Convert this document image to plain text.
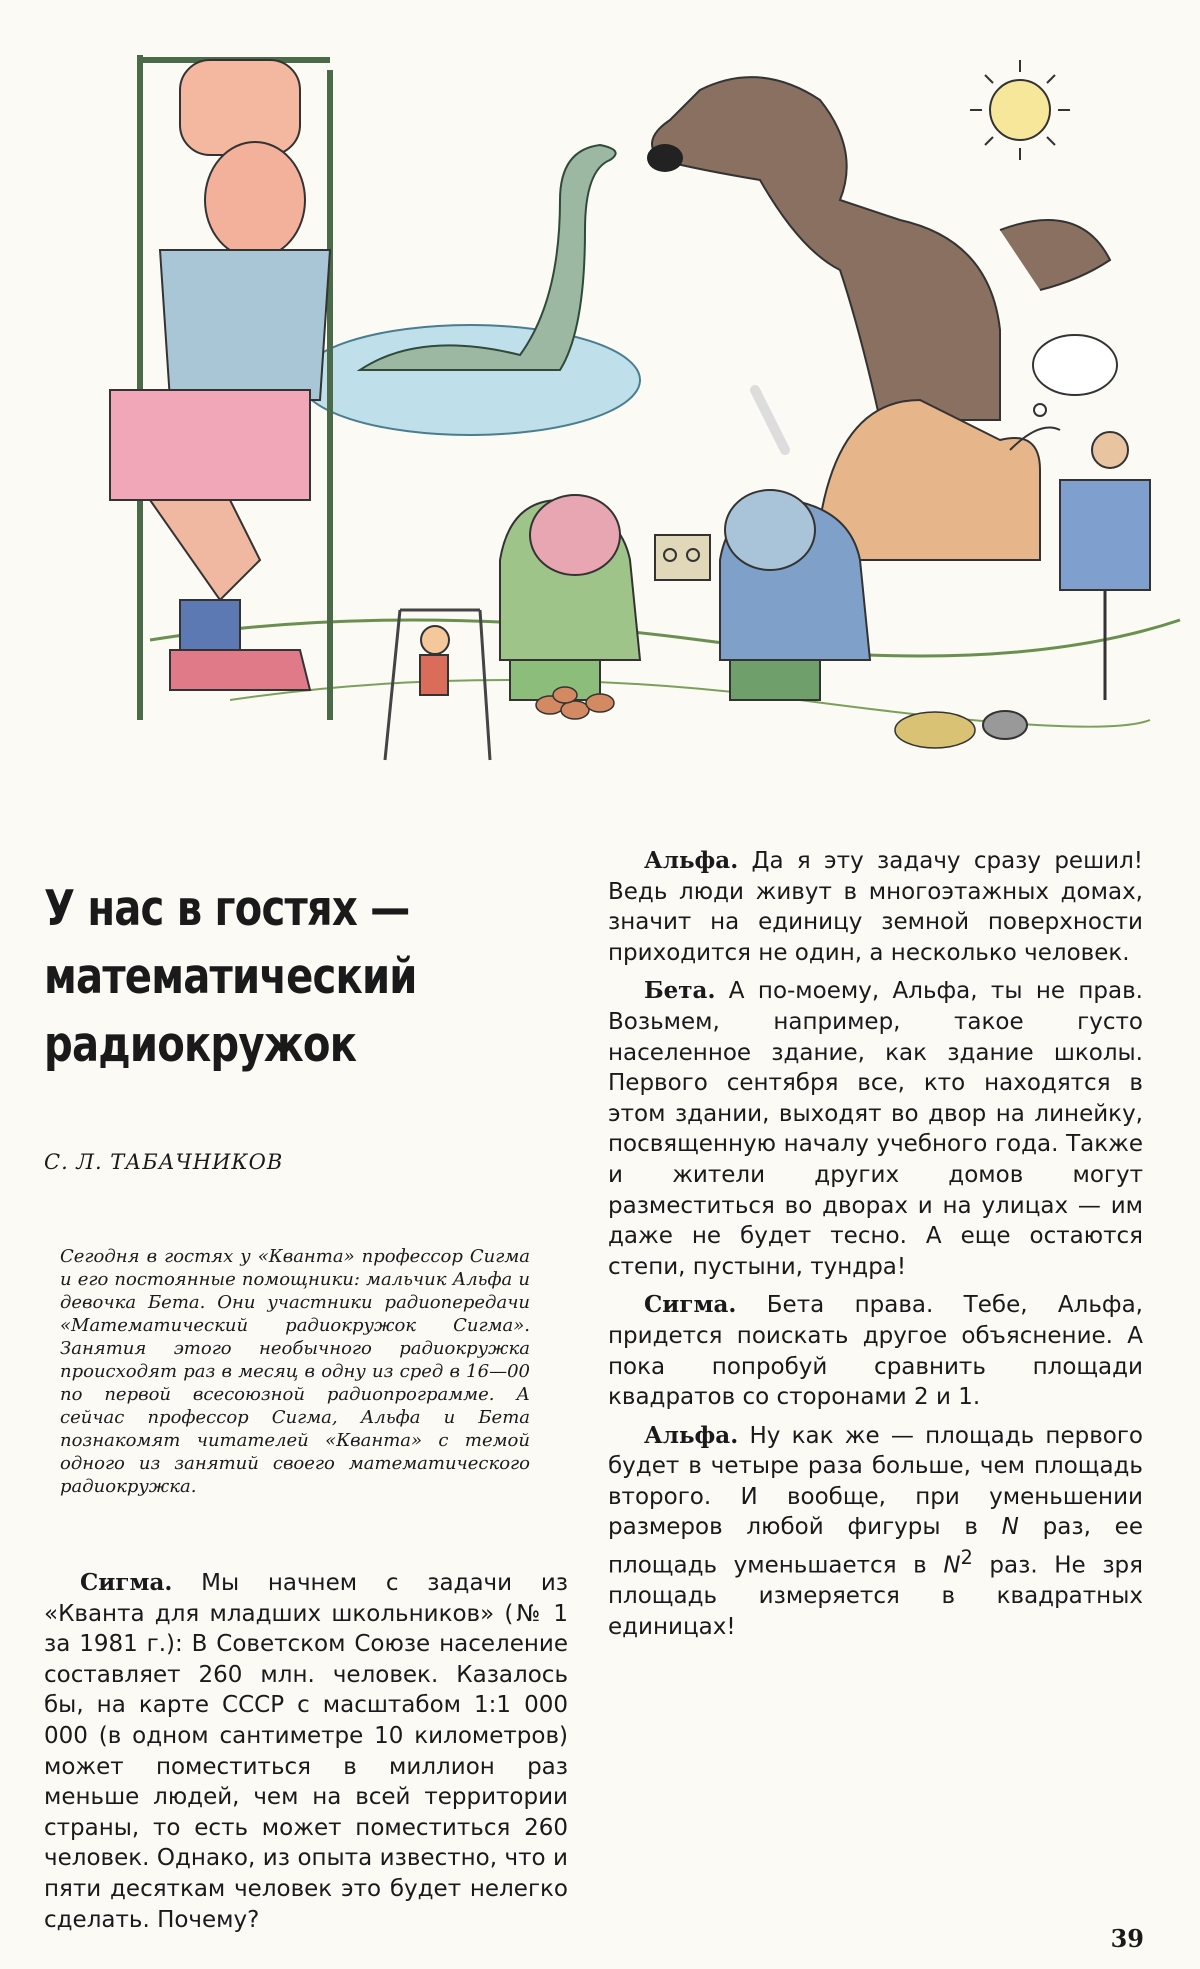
У нас в гостях — математический радиокружок
С. Л. ТАБАЧНИКОВ

Сегодня в гостях у «Кванта» профессор Сигма и его постоянные помощники: мальчик Альфа и девочка Бета. Они участники радиопередачи «Математический радиокружок Сигма». Занятия этого необычного радиокружка происходят раз в месяц в одну из сред в 16—00 по первой всесоюзной радиопрограмме. А сейчас профессор Сигма, Альфа и Бета познакомят читателей «Кванта» с темой одного из занятий своего математического радиокружка.

Сигма. Мы начнем с задачи из «Кванта для младших школьников» (№ 1 за 1981 г.): В Советском Союзе население составляет 260 млн. человек. Казалось бы, на карте СССР с масштабом 1:1 000 000 (в одном сантиметре 10 километров) может поместиться в миллион раз меньше людей, чем на всей территории страны, то есть может поместиться 260 человек. Однако, из опыта известно, что и пяти десяткам человек это будет нелегко сделать. Почему?

Альфа. Да я эту задачу сразу решил! Ведь люди живут в многоэтажных домах, значит на единицу земной поверхности приходится не один, а несколько человек.

Бета. А по-моему, Альфа, ты не прав. Возьмем, например, такое густо населенное здание, как здание школы. Первого сентября все, кто находятся в этом здании, выходят во двор на линейку, посвященную началу учебного года. Также и жители других домов могут разместиться во дворах и на улицах — им даже не будет тесно. А еще остаются степи, пустыни, тундра!

Сигма. Бета права. Тебе, Альфа, придется поискать другое объяснение. А пока попробуй сравнить площади квадратов со сторонами 2 и 1.

Альфа. Ну как же — площадь первого будет в четыре раза больше, чем площадь второго. И вообще, при уменьшении размеров любой фигуры в N раз, ее площадь уменьшается в $N^2$ раз. Не зря площадь измеряется в квадратных единицах!

39
